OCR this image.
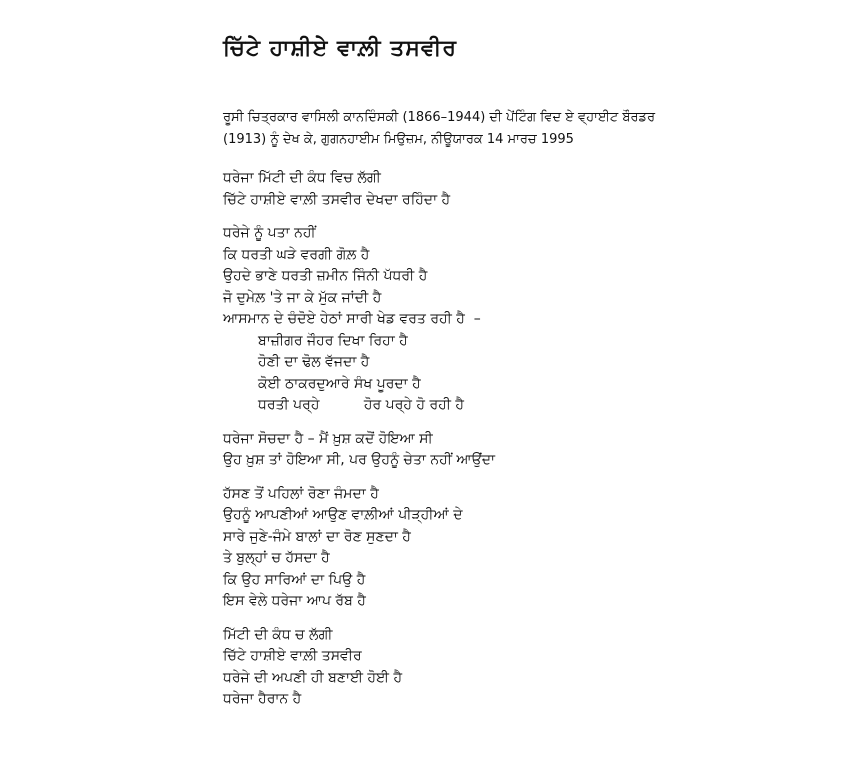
ਚਿੱਟੇ ਹਾਸ਼ੀਏ ਵਾਲ਼ੀ ਤਸਵੀਰ
ਰੂਸੀ ਚਿਤ੍ਰਕਾਰ ਵਾਸਿਲੀ ਕਾਨਦਿੰਸਕੀ (1866–1944) ਦੀ ਪੇਂਟਿੰਗ ਵਿਦ ਏ ਵ੍ਹਾਈਟ ਬੌਰਡਰ
(1913) ਨੂੰ ਦੇਖ ਕੇ, ਗੁਗਨਹਾਈਮ ਮਿਉਜ਼ਮ, ਨੀਊਯਾਰਕ 14 ਮਾਰਚ 1995
ਧਰੇਜਾ ਮਿੱਟੀ ਦੀ ਕੰਧ ਵਿਚ ਲੱਗੀ
ਚਿੱਟੇ ਹਾਸ਼ੀਏ ਵਾਲ਼ੀ ਤਸਵੀਰ ਦੇਖਦਾ ਰਹਿੰਦਾ ਹੈ
ਧਰੇਜੇ ਨੂੰ ਪਤਾ ਨਹੀਂ
ਕਿ ਧਰਤੀ ਘੜੇ ਵਰਗੀ ਗੋਲ਼ ਹੈ
ਉਹਦੇ ਭਾਣੇ ਧਰਤੀ ਜ਼ਮੀਨ ਜਿੰਨੀ ਪੱਧਰੀ ਹੈ
ਜੋ ਦੁਮੇਲ਼ 'ਤੇ ਜਾ ਕੇ ਮੁੱਕ ਜਾਂਦੀ ਹੈ
ਆਸਮਾਨ ਦੇ ਚੰਦੋਏ ਹੇਠਾਂ ਸਾਰੀ ਖੇਡ ਵਰਤ ਰਹੀ ਹੈ  –
ਬਾਜ਼ੀਗਰ ਜੌਹਰ ਦਿਖਾ ਰਿਹਾ ਹੈ
ਹੋਣੀ ਦਾ ਢੋਲ ਵੱਜਦਾ ਹੈ
ਕੋਈ ਠਾਕਰਦੁਆਰੇ ਸੰਖ ਪੂਰਦਾ ਹੈ
ਧਰਤੀ ਪਰ੍ਹੇ          ਹੋਰ ਪਰ੍ਹੇ ਹੋ ਰਹੀ ਹੈ
ਧਰੇਜਾ ਸੋਚਦਾ ਹੈ – ਮੈਂ ਖ਼ੁਸ਼ ਕਦੋਂ ਹੋਇਆ ਸੀ
ਉਹ ਖ਼ੁਸ਼ ਤਾਂ ਹੋਇਆ ਸੀ, ਪਰ ਉਹਨੂੰ ਚੇਤਾ ਨਹੀਂ ਆਉਂਦਾ
ਹੱਸਣ ਤੋਂ ਪਹਿਲਾਂ ਰੋਣਾ ਜੰਮਦਾ ਹੈ
ਉਹਨੂੰ ਆਪਣੀਆਂ ਆਉਣ ਵਾਲ਼ੀਆਂ ਪੀੜ੍ਹੀਆਂ ਦੇ
ਸਾਰੇ ਜੁਣੇ-ਜੰਮੇ ਬਾਲਾਂ ਦਾ ਰੋਣ ਸੁਣਦਾ ਹੈ
ਤੇ ਬੁਲ੍ਹਾਂ ਚ ਹੱਸਦਾ ਹੈ
ਕਿ ਉਹ ਸਾਰਿਆਂ ਦਾ ਪਿਉ ਹੈ
ਇਸ ਵੇਲੇ ਧਰੇਜਾ ਆਪ ਰੱਬ ਹੈ
ਮਿੱਟੀ ਦੀ ਕੰਧ ਚ ਲੱਗੀ
ਚਿੱਟੇ ਹਾਸ਼ੀਏ ਵਾਲ਼ੀ ਤਸਵੀਰ
ਧਰੇਜੇ ਦੀ ਅਪਣੀ ਹੀ ਬਣਾਈ ਹੋਈ ਹੈ
ਧਰੇਜਾ ਹੈਰਾਨ ਹੈ
